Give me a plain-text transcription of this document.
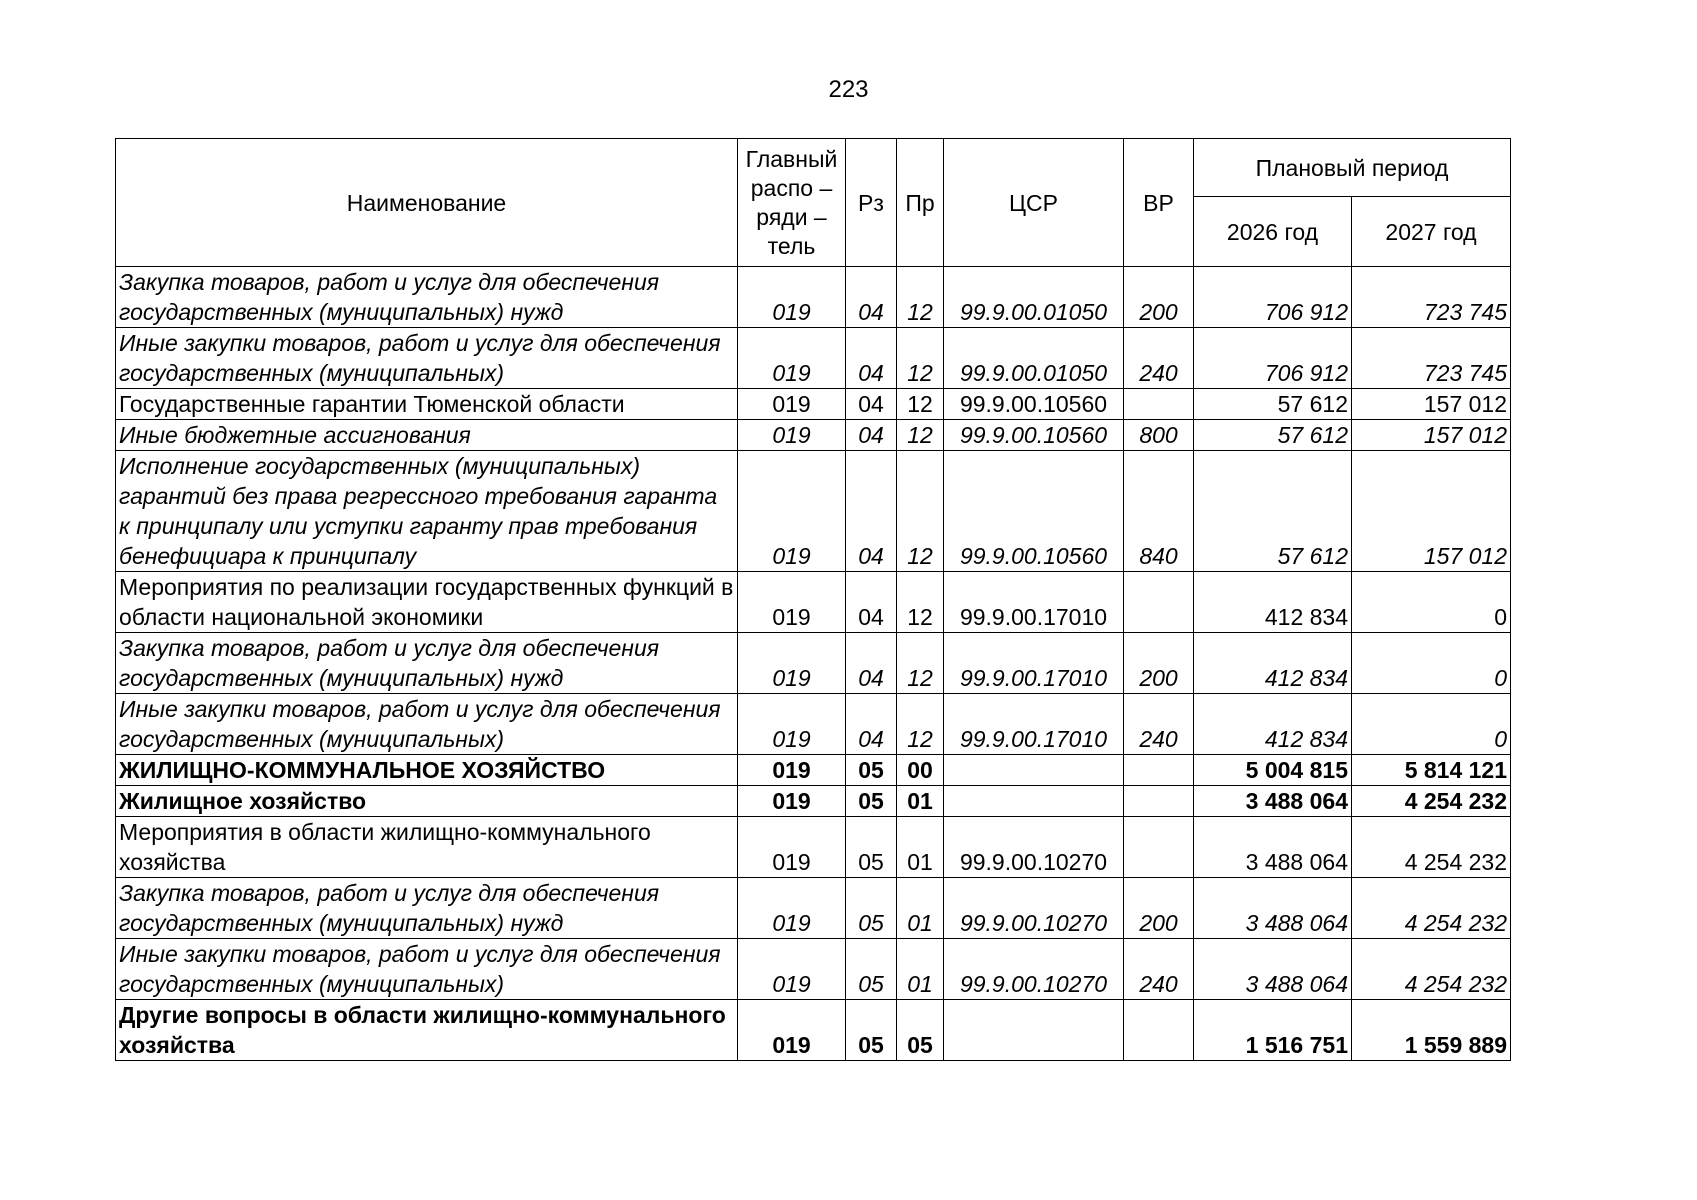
223
Наименование	Главный распо – ряди – тель	Рз	Пр	ЦСР	ВР	Плановый период	
						2026 год	2027 год
Закупка товаров, работ и услуг для обеспечения государственных (муниципальных) нужд	019	04	12	99.9.00.01050	200	706 912	723 745
Иные закупки товаров, работ и услуг для обеспечения государственных (муниципальных)	019	04	12	99.9.00.01050	240	706 912	723 745
Государственные гарантии Тюменской области	019	04	12	99.9.00.10560		57 612	157 012
Иные бюджетные ассигнования	019	04	12	99.9.00.10560	800	57 612	157 012
Исполнение государственных (муниципальных) гарантий без права регрессного требования гаранта к принципалу или уступки гаранту прав требования бенефициара к принципалу	019	04	12	99.9.00.10560	840	57 612	157 012
Мероприятия по реализации государственных функций в области национальной экономики	019	04	12	99.9.00.17010		412 834	0
Закупка товаров, работ и услуг для обеспечения государственных (муниципальных) нужд	019	04	12	99.9.00.17010	200	412 834	0
Иные закупки товаров, работ и услуг для обеспечения государственных (муниципальных)	019	04	12	99.9.00.17010	240	412 834	0
ЖИЛИЩНО-КОММУНАЛЬНОЕ ХОЗЯЙСТВО	019	05	00			5 004 815	5 814 121
Жилищное хозяйство	019	05	01			3 488 064	4 254 232
Мероприятия в области жилищно-коммунального хозяйства	019	05	01	99.9.00.10270		3 488 064	4 254 232
Закупка товаров, работ и услуг для обеспечения государственных (муниципальных) нужд	019	05	01	99.9.00.10270	200	3 488 064	4 254 232
Иные закупки товаров, работ и услуг для обеспечения государственных (муниципальных)	019	05	01	99.9.00.10270	240	3 488 064	4 254 232
Другие вопросы в области жилищно-коммунального хозяйства	019	05	05			1 516 751	1 559 889
